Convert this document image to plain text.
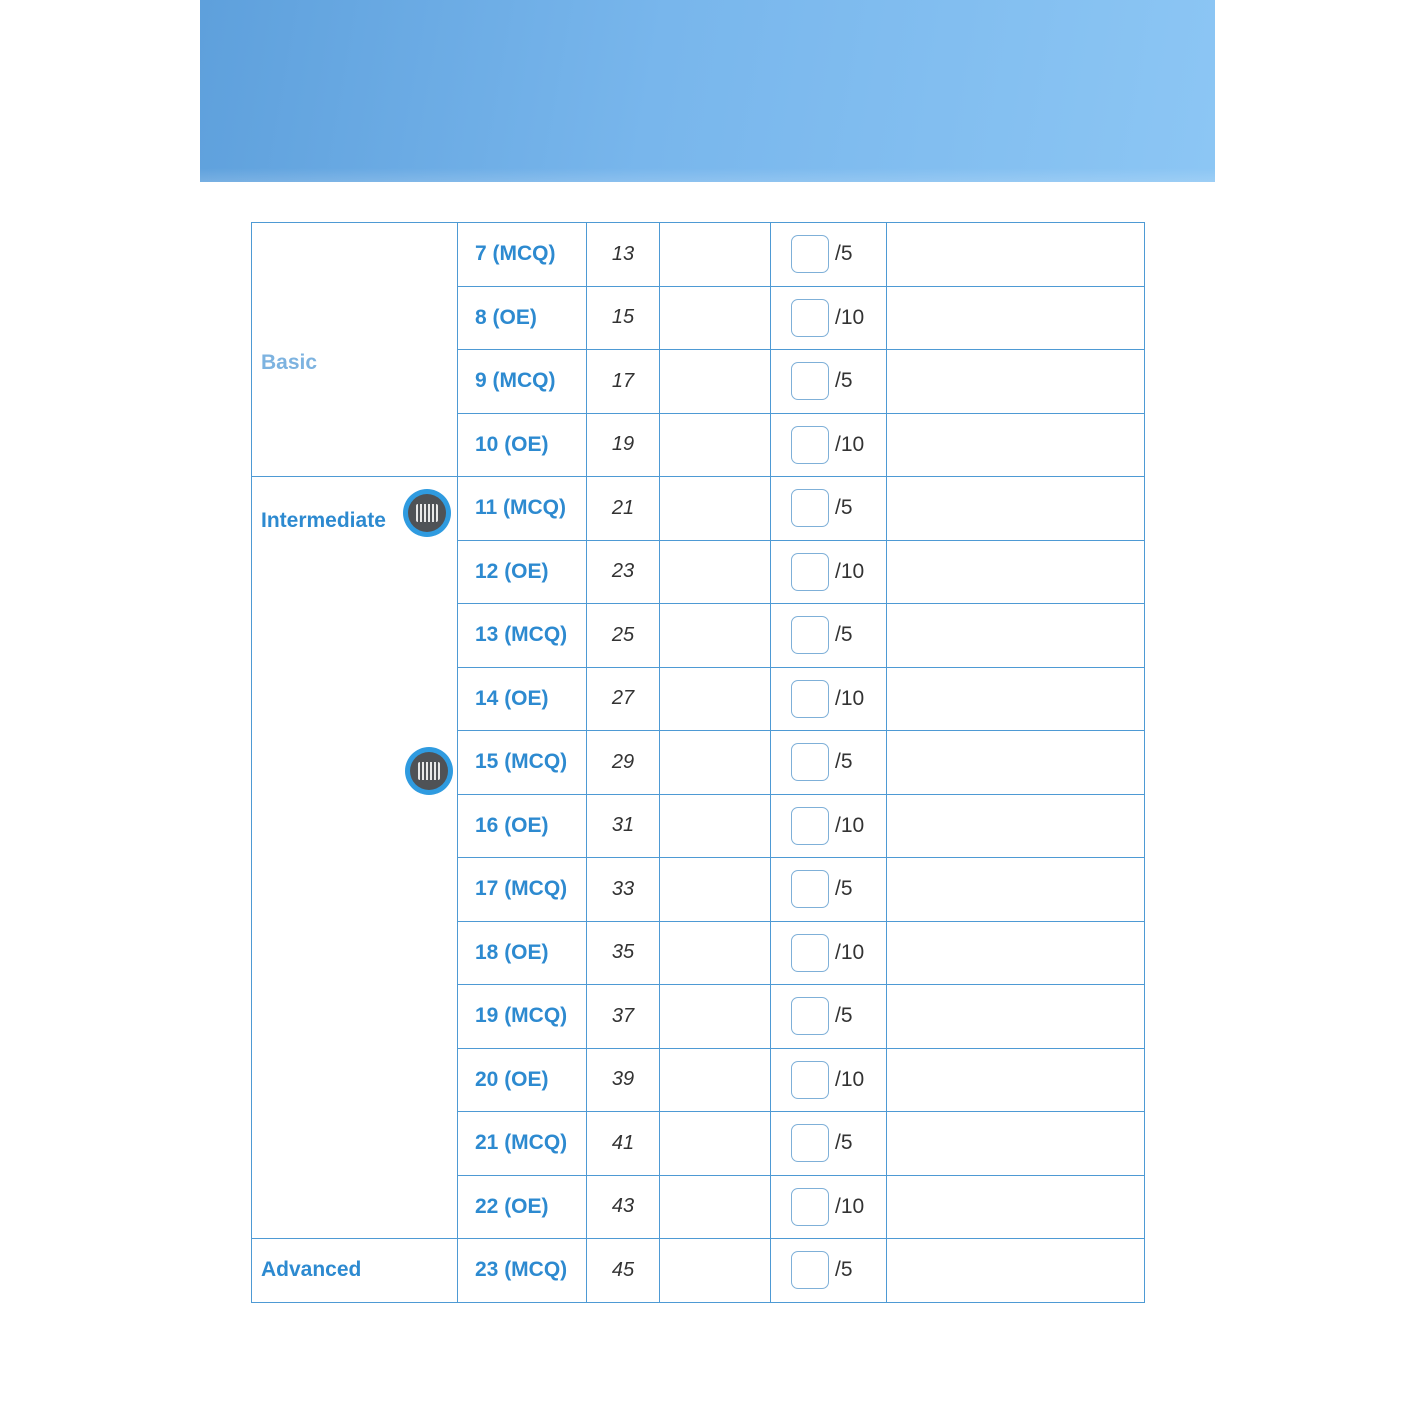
Basic	7 (MCQ)	13		/5	
	8 (OE)	15		/10	
	9 (MCQ)	17		/5	
	10 (OE)	19		/10	

Intermediate	11 (MCQ)	21		/5	
	12 (OE)	23		/10	
	13 (MCQ)	25		/5	
	14 (OE)	27		/10	
	15 (MCQ)	29		/5	
	16 (OE)	31		/10	
	17 (MCQ)	33		/5	
	18 (OE)	35		/10	
	19 (MCQ)	37		/5	
	20 (OE)	39		/10	
	21 (MCQ)	41		/5	
	22 (OE)	43		/10	

Advanced	23 (MCQ)	45		/5	
